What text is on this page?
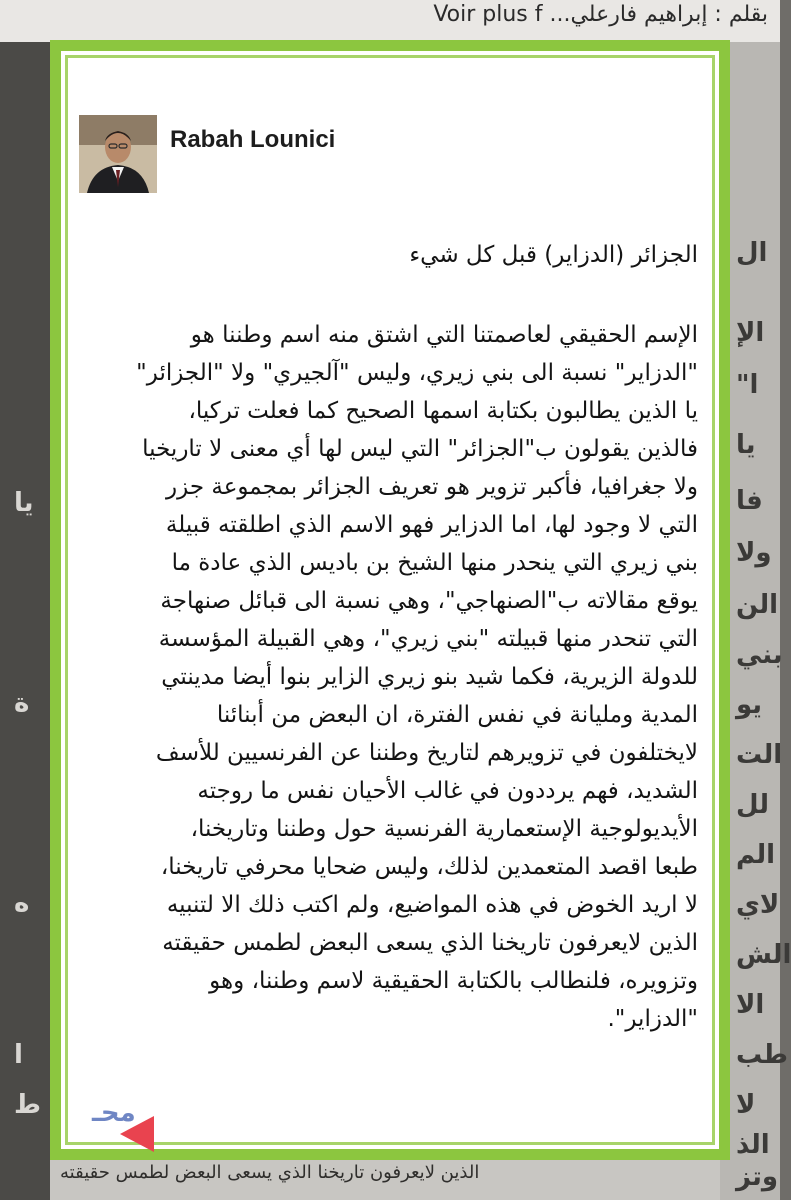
بقلم : إبراهيم فارعلي... Voir plus f
ال
الإ
"ا
يا
فا
ولا
الن
بني
يو
الت
لل
الم
لاي
الش
الا
طب
لا
الذ
وتز
يا
ة
ه
ا
ط
الذين لايعرفون تاريخنا الذي يسعى البعض لطمس حقيقته
Rabah Lounici
الجزائر (الدزاير) قبل كل شيء
الإسم الحقيقي لعاصمتنا التي اشتق منه اسم وطننا هو
"الدزاير" نسبة الى بني زيري، وليس "آلجيري" ولا "الجزائر"
يا الذين يطالبون بكتابة اسمها الصحيح كما فعلت تركيا،
فالذين يقولون ب"الجزائر" التي ليس لها أي معنى لا تاريخيا
ولا جغرافيا، فأكبر تزوير هو تعريف الجزائر بمجموعة جزر
التي لا وجود لها، اما الدزاير فهو الاسم الذي اطلقته قبيلة
بني زيري التي ينحدر منها الشيخ بن باديس الذي عادة ما
يوقع مقالاته ب"الصنهاجي"، وهي نسبة الى قبائل صنهاجة
التي تنحدر منها قبيلته "بني زيري"، وهي القبيلة المؤسسة
للدولة الزيرية، فكما شيد بنو زيري الزاير بنوا أيضا مدينتي
المدية ومليانة في نفس الفترة، ان البعض من أبنائنا
لايختلفون في تزويرهم لتاريخ وطننا عن الفرنسيين للأسف
الشديد، فهم يرددون في غالب الأحيان نفس ما روجته
الأيديولوجية الإستعمارية الفرنسية حول وطننا وتاريخنا،
طبعا اقصد المتعمدين لذلك، وليس ضحايا محرفي تاريخنا،
لا اريد الخوض في هذه المواضيع، ولم اكتب ذلك الا لتنبيه
الذين لايعرفون تاريخنا الذي يسعى البعض لطمس حقيقته
وتزويره، فلنطالب بالكتابة الحقيقية لاسم وطننا، وهو
"الدزاير".
محـ
